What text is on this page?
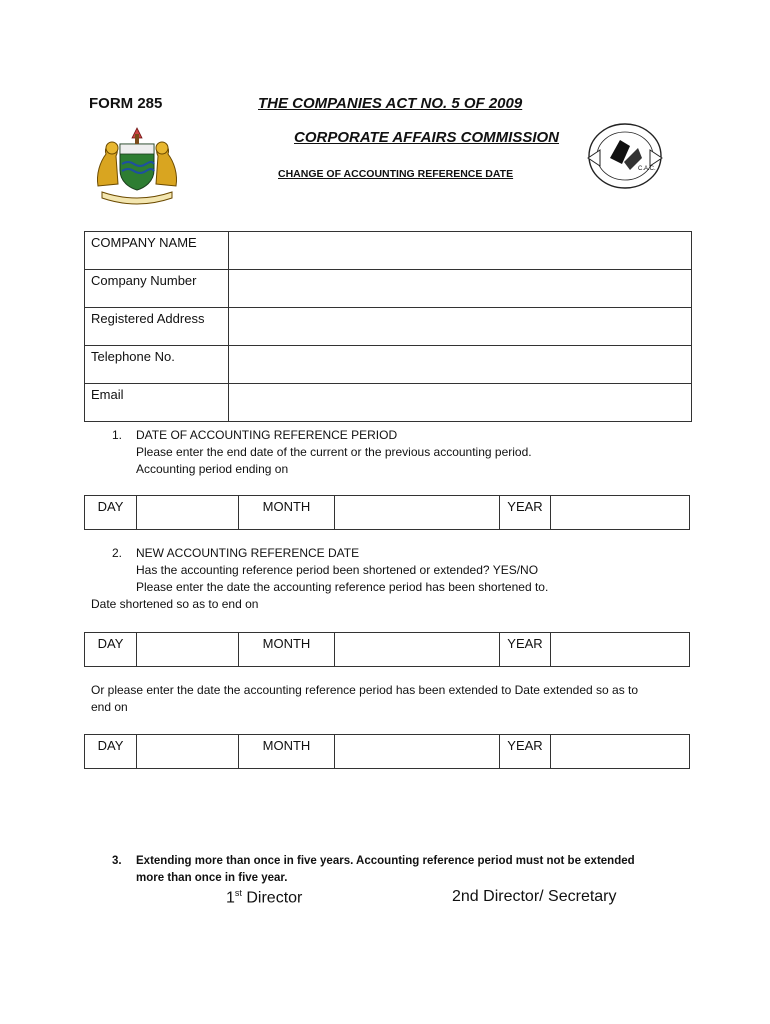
FORM 285	THE COMPANIES ACT NO. 5 OF 2009
CORPORATE AFFAIRS COMMISSION
CHANGE OF ACCOUNTING REFERENCE DATE	C.A.C.
COMPANY NAME	
Company Number	
Registered Address	
Telephone No.	
Email	
1. DATE OF ACCOUNTING REFERENCE PERIOD
Please enter the end date of the current or the previous accounting period.
Accounting period ending on
DAY		MONTH		YEAR	
2. NEW ACCOUNTING REFERENCE DATE
Has the accounting reference period been shortened or extended? YES/NO
Please enter the date the accounting reference period has been shortened to.
Date shortened so as to end on
DAY		MONTH		YEAR	
Or please enter the date the accounting reference period has been extended to Date extended so as to
end on
DAY		MONTH		YEAR	
3. Extending more than once in five years. Accounting reference period must not be extended
more than once in five year.
1st Director	2nd Director/ Secretary
